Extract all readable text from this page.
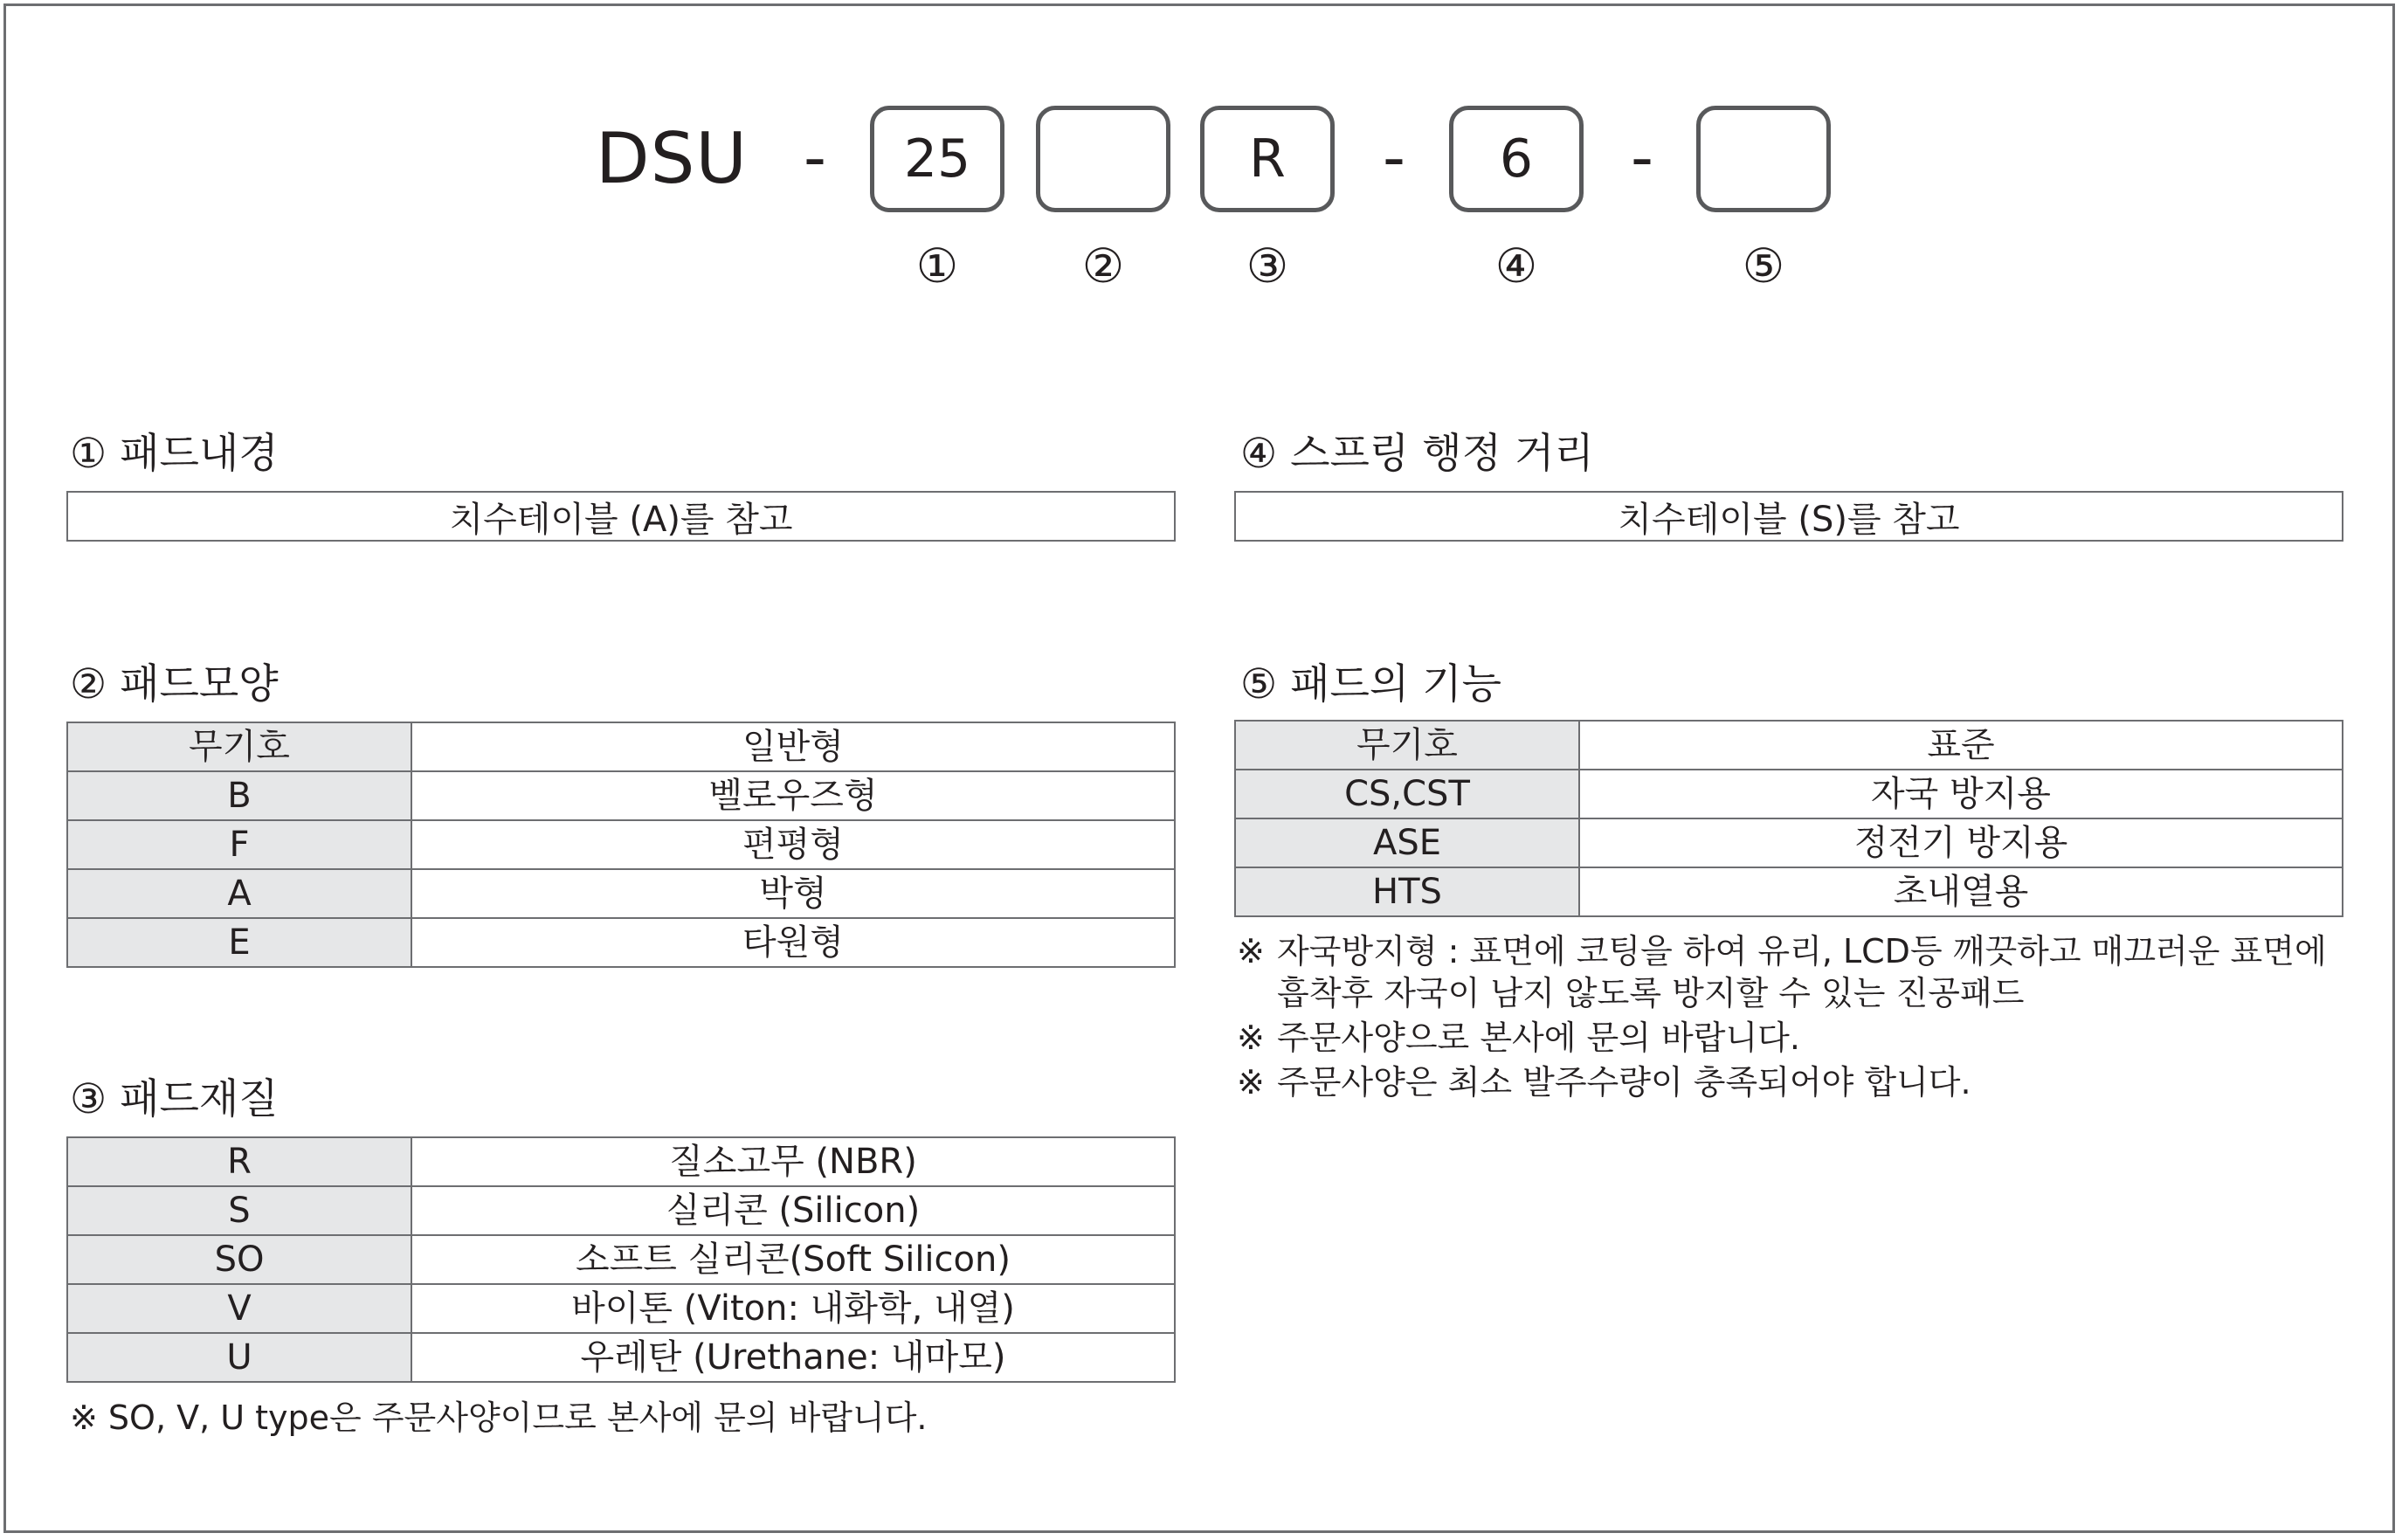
DSU -	25	R	-	6	-
①	②	③	④	⑤
① 패드내경
치수테이블 (A)를 참고
② 패드모양
무기호	일반형
B	벨로우즈형
F	편평형
A	박형
E	타원형
③ 패드재질
R	질소고무 (NBR)
S	실리콘 (Silicon)
SO	소프트 실리콘(Soft Silicon)
V	바이톤 (Viton: 내화학, 내열)
U	우레탄 (Urethane: 내마모)
※ SO, V, U type은 주문사양이므로 본사에 문의 바랍니다.
④ 스프링 행정 거리
치수테이블 (S)를 참고
⑤ 패드의 기능
무기호	표준
CS,CST	자국 방지용
ASE	정전기 방지용
HTS	초내열용
※ 자국방지형 : 표면에 코팅을 하여 유리, LCD등 깨끗하고 매끄러운 표면에
흡착후 자국이 남지 않도록 방지할 수 있는 진공패드
※ 주문사양으로 본사에 문의 바랍니다.
※ 주문사양은 최소 발주수량이 충족되어야 합니다.
